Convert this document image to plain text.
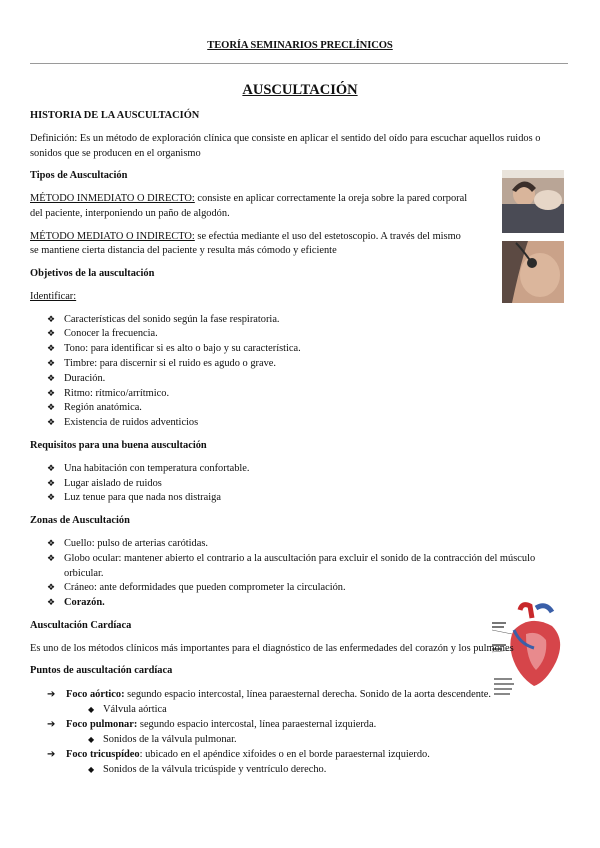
TEORÍA SEMINARIOS PRECLÍNICOS
AUSCULTACIÓN
HISTORIA DE LA AUSCULTACIÓN
Definición: Es un método de exploración clínica que consiste en aplicar el sentido del oído para escuchar aquellos ruidos o sonidos que se producen en el organismo
Tipos de Auscultación
MÉTODO INMEDIATO O DIRECTO: consiste en aplicar correctamente la oreja sobre la pared corporal del paciente, interponiendo un paño de algodón.
MÉTODO MEDIATO O INDIRECTO: se efectúa mediante el uso del estetoscopio. A través del mismo se mantiene cierta distancia del paciente y resulta más cómodo y eficiente
Objetivos de la auscultación
Identificar:
❖ Características del sonido según la fase respiratoria.
❖ Conocer la frecuencia.
❖ Tono: para identificar si es alto o bajo y su característica.
❖ Timbre: para discernir si el ruido es agudo o grave.
❖ Duración.
❖ Ritmo: rítmico/arrítmico.
❖ Región anatómica.
❖ Existencia de ruidos adventicios
Requisitos para una buena auscultación
❖ Una habitación con temperatura confortable.
❖ Lugar aislado de ruidos
❖ Luz tenue para que nada nos distraiga
Zonas de Auscultación
❖ Cuello: pulso de arterias carótidas.
❖ Globo ocular: mantener abierto el contrario a la auscultación para excluir el sonido de la contracción del músculo orbicular.
❖ Cráneo: ante deformidades que pueden comprometer la circulación.
❖ Corazón.
Auscultación Cardíaca
Es uno de los métodos clínicos más importantes para el diagnóstico de las enfermedades del corazón y los pulmones
Puntos de auscultación cardíaca
➔ Foco aórtico: segundo espacio intercostal, línea paraesternal derecha. Sonido de la aorta descendente.
◆ Válvula aórtica
➔ Foco pulmonar: segundo espacio intercostal, línea paraesternal izquierda.
◆ Sonidos de la válvula pulmonar.
➔ Foco tricuspídeo: ubicado en el apéndice xifoides o en el borde paraesternal izquierdo.
◆ Sonidos de la válvula tricúspide y ventrículo derecho.
